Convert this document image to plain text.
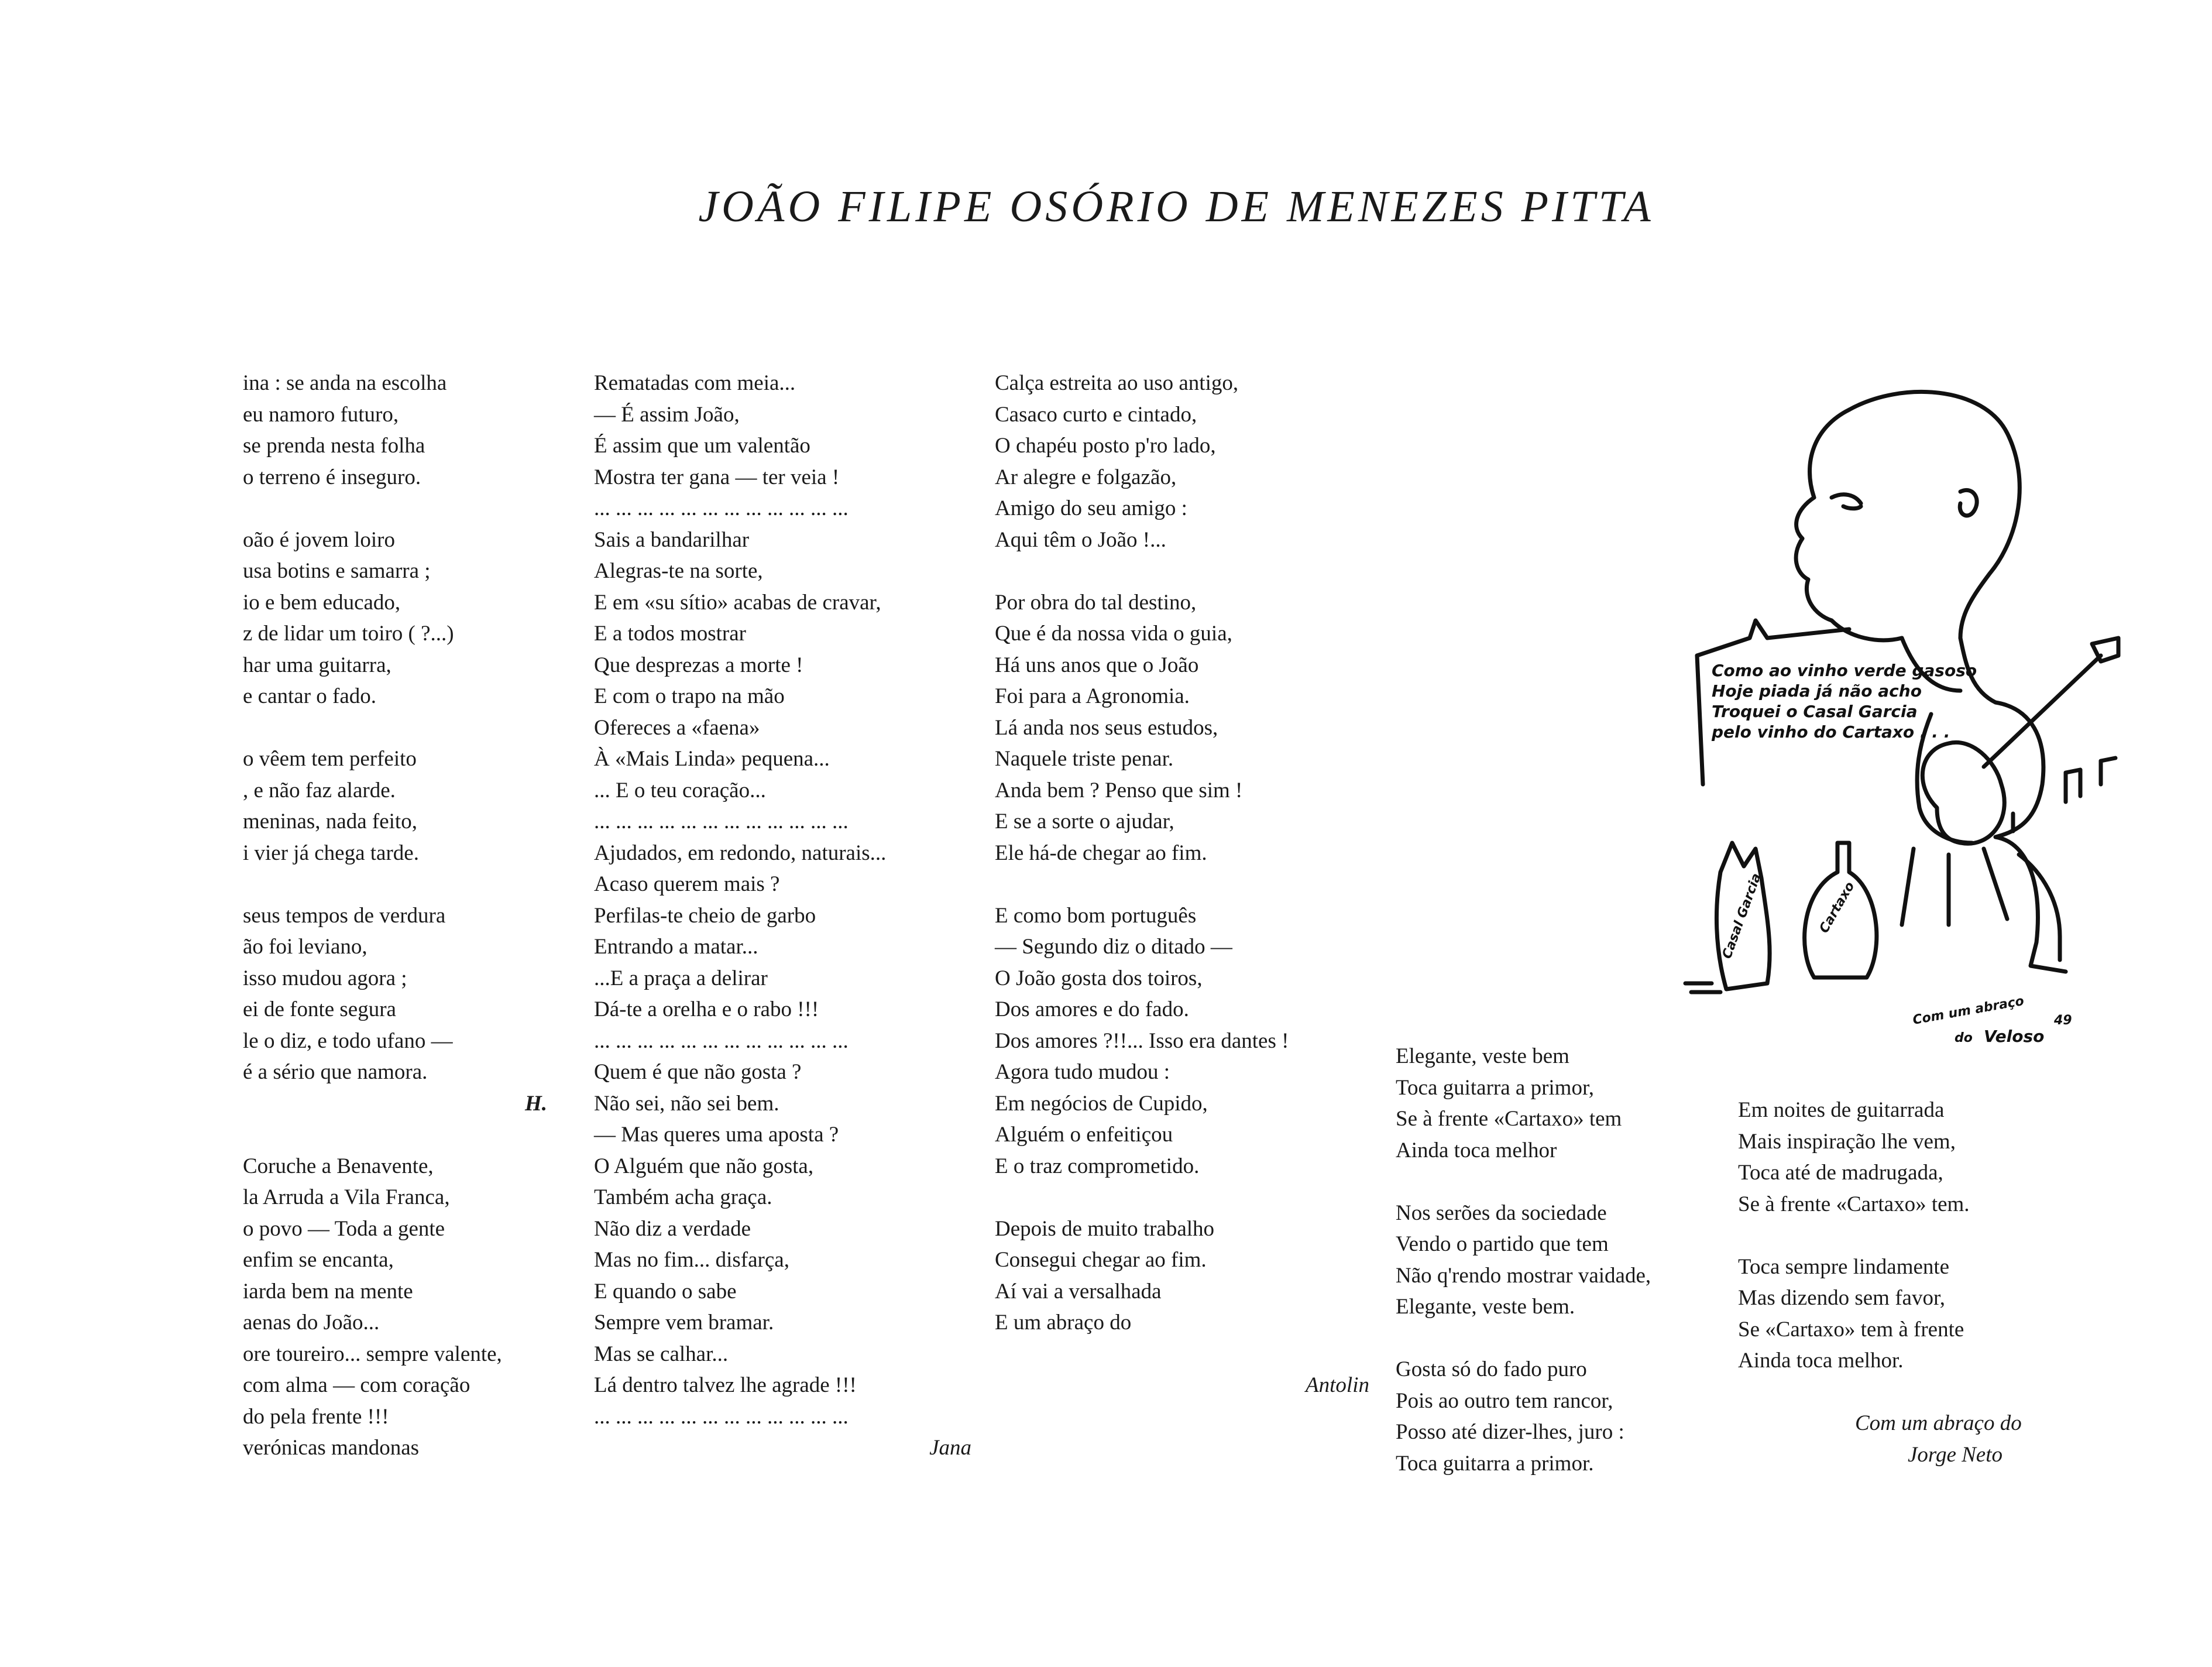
JOÃO FILIPE OSÓRIO DE MENEZES PITTA
ina : se anda na escolha
eu namoro futuro,
se prenda nesta folha
o terreno é inseguro.
oão é jovem loiro
usa botins e samarra ;
io e bem educado,
z de lidar um toiro ( ?...)
har uma guitarra,
e cantar o fado.
o vêem tem perfeito
, e não faz alarde.
meninas, nada feito,
i vier já chega tarde.
seus tempos de verdura
ão foi leviano,
isso mudou agora ;
ei de fonte segura
le o diz, e todo ufano —
é a sério que namora.
H.
Coruche a Benavente,
la Arruda a Vila Franca,
o povo — Toda a gente
enfim se encanta,
iarda bem na mente
aenas do João...
ore toureiro... sempre valente,
com alma — com coração
do pela frente !!!
verónicas mandonas
Rematadas com meia...
— É assim João,
É assim que um valentão
Mostra ter gana — ter veia !
... ... ... ... ... ... ... ... ... ... ... ...
Sais a bandarilhar
Alegras-te na sorte,
E em «su sítio» acabas de cravar,
E a todos mostrar
Que desprezas a morte !
E com o trapo na mão
Ofereces a «faena»
À «Mais Linda» pequena...
... E o teu coração...
... ... ... ... ... ... ... ... ... ... ... ...
Ajudados, em redondo, naturais...
Acaso querem mais ?
Perfilas-te cheio de garbo
Entrando a matar...
...E a praça a delirar
Dá-te a orelha e o rabo !!!
... ... ... ... ... ... ... ... ... ... ... ...
Quem é que não gosta ?
Não sei, não sei bem.
— Mas queres uma aposta ?
O Alguém que não gosta,
Também acha graça.
Não diz a verdade
Mas no fim... disfarça,
E quando o sabe
Sempre vem bramar.
Mas se calhar...
Lá dentro talvez lhe agrade !!!
... ... ... ... ... ... ... ... ... ... ... ...
Jana
Calça estreita ao uso antigo,
Casaco curto e cintado,
O chapéu posto p'ro lado,
Ar alegre e folgazão,
Amigo do seu amigo :
Aqui têm o João !...
Por obra do tal destino,
Que é da nossa vida o guia,
Há uns anos que o João
Foi para a Agronomia.
Lá anda nos seus estudos,
Naquele triste penar.
Anda bem ? Penso que sim !
E se a sorte o ajudar,
Ele há-de chegar ao fim.
E como bom português
— Segundo diz o ditado —
O João gosta dos toiros,
Dos amores e do fado.
Dos amores ?!!... Isso era dantes !
Agora tudo mudou :
Em negócios de Cupido,
Alguém o enfeitiçou
E o traz comprometido.
Depois de muito trabalho
Consegui chegar ao fim.
Aí vai a versalhada
E um abraço do
Antolin
Elegante, veste bem
Toca guitarra a primor,
Se à frente «Cartaxo» tem
Ainda toca melhor
Nos serões da sociedade
Vendo o partido que tem
Não q'rendo mostrar vaidade,
Elegante, veste bem.
Gosta só do fado puro
Pois ao outro tem rancor,
Posso até dizer-lhes, juro :
Toca guitarra a primor.
Em noites de guitarrada
Mais inspiração lhe vem,
Toca até de madrugada,
Se à frente «Cartaxo» tem.
Toca sempre lindamente
Mas dizendo sem favor,
Se «Cartaxo» tem à frente
Ainda toca melhor.
Com um abraço do
Jorge Neto
Como ao vinho verde gasoso
Hoje piada já não acho
Troquei o Casal Garcia
pelo vinho do Cartaxo . . .
Casal Garcia	Cartaxo
Com um abraço
do Veloso
49
